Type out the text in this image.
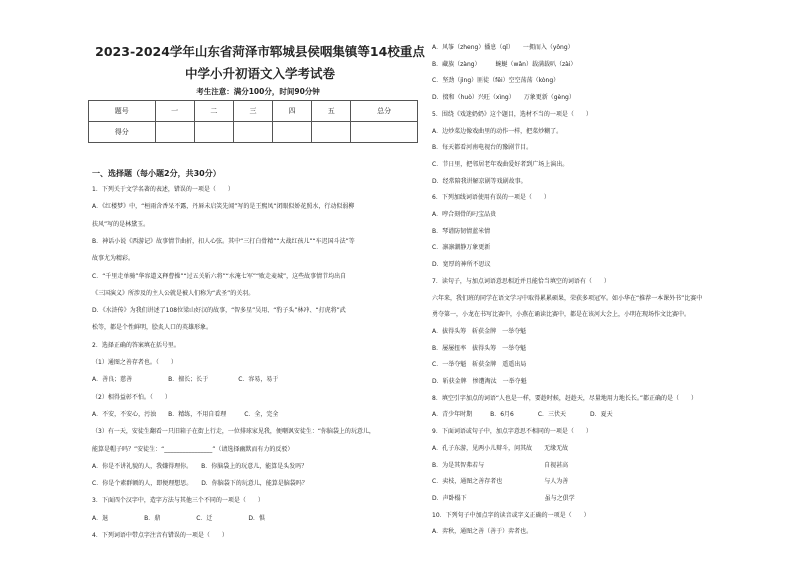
2023-2024学年山东省菏泽市郓城县侯咽集镇等14校重点
中学小升初语文入学考试卷
考生注意：满分100分，时间90分钟
题号	一	二	三	四	五	总分
得分						
一、选择题（每小题2分，共30分）
1．下列关于文学名著的表述，错误的一项是（　　）
A．《红楼梦》中，“桓雨含香呆不露，丹唇未启笑先闻”写的是王熙凤“闭眼似娇花照水，行动似弱柳
扶风”写的是林黛玉。
B．神话小说《西游记》故事情节曲折，扣人心弦。其中“三打白骨精”“大战红孩儿”“车迟国斗法”等
故事尤为精彩。
C．“千里走单骑”华容道义释曹操”“过五关斩六将”“水淹七军”“败走麦城”，这些故事情节均出自
《三国演义》所涉及的主人公就是被人们称为“武圣”的关羽。
D．《水浒传》为我们讲述了108位梁山好汉的故事，“智多星”吴用、“豹子头”林冲、“打虎将”武
松等，都是个性鲜明，脍炙人口的英雄形象。
2．选择正确的答案填在括号里。
（1）通图之善存者也。（　　）
A．善良；慈善　　　　　　B．擅长；长于　　　　　C．容易，易于
（2）相得益彰不怕。（　　）
A．不安，不安心，污浊　　B．精练，不用自看理　　　C．全，完全
（3）有一天，安徒生翻看一只旧箱子在街上行走，一位排球家见我，便嘲讽安徒生：“你脑袋上的玩意儿，
能算是帽子吗？”安徒生：“________________”（请选择幽默而有力的反驳）
A．你是不讲礼貌的人，我嫌得理你。　　B．你脑袋上的玩意儿，能算是头发吗？
C．你是个素群额的人，即便理想思。　　D．你脑袋下的玩意儿，能算是脑袋吗？
3．下面四个汉字中，造字方法与其他三个不同的一项是（　　）
A．退　　　　　　B．鼎　　　　　　C．迁　　　　　　D．惧
4．下列词语中带点字注音有错误的一项是（　　）
A．风筝（zheng）播息（qǐ）　　一拥而入（yǒng）
B．藏族（zàng）　　　蜿蜒（wǎn）载满载叭（zài）
C．坚劲（jìng）匪徒（fěi）空空荡荡（kòng）
D．掇和（huò）兴旺（xìng）　　万象更新（gèng）
5．围绕《戏迷奶奶》这个题目，选材不当的一项是（　　）
A．边炒菜边像戏曲里的动作一样，把菜炒糊了。
B．每天都看河南电视台的豫剧节目。
C．节日里，把邻居老年戏曲爱好者到广场上演出。
D．经常陪我讲解京剧等戏剧故事。
6．下列加线词语使用有误的一项是（　　）
A．哼合刻骨的叼宝品贵
B．琴谱防韧情蓝米情
C．凛凛潮静万象更新
D．宽厚的神所不思议
7．读句子，与加点词语意思相近并且能恰当填空的词语有（　　）
六年来，我们班的同学在语文学习中取得累累硕果，荣获多项冠军。如小华在“推荐一本课外书”比赛中
勇夺第一，小龙在书写比赛中，小燕在诵读比赛中，都是在该河大会上，小明在现场作文比赛中。
A．拔得头筹　斩获金牌　一举夺魁
B．屡屡扭率　拔得头筹　一举夺魁
C．一举夺魁　斩获金牌　遥遥出局
D．斩获金牌　惨遭淘汰　一举夺魁
8．填空引字加点的词语“人也是一样，要趁时候，赶趁天，尽量地用力地长长。”都正确的是（　　）
A．青少年时期　　　B．6月6　　　　C．三伏天　　　　D．夏天
9．下面词语或句子中，加点字意思不相同的一项是（　　）
A．孔子东游，见两小儿辩斗，问其故　　无缘无故
B．为是其智弗若与　　　　　　　　　　自视甚高
C．卖枝，通图之善存者也　　　　　　　与人为善
D．声卧榻下　　　　　　　　　　　　　虽与之俱学
10．下列句子中加点字的读音或字义正确的一项是（　　）
A．弈秋，通图之善（善于）弈者也。
